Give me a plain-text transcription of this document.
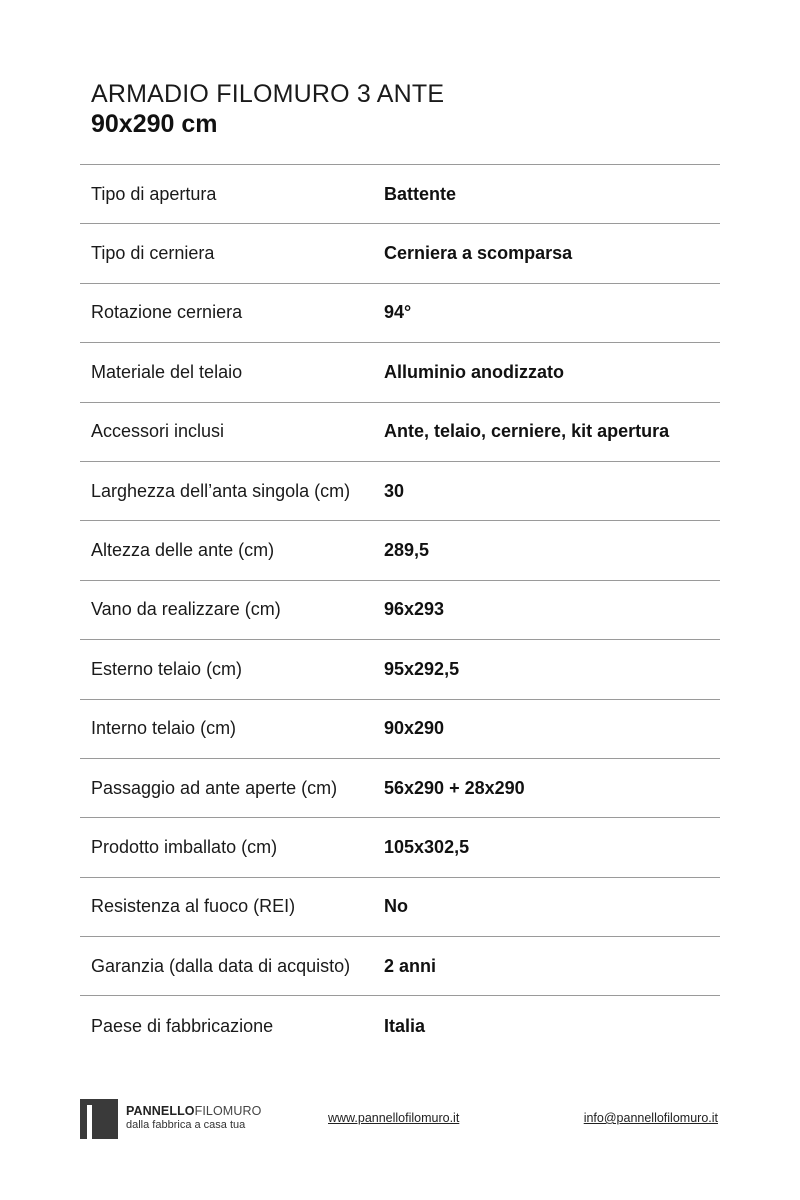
ARMADIO FILOMURO 3 ANTE
90x290 cm
Tipo di apertura	Battente
Tipo di cerniera	Cerniera a scomparsa
Rotazione cerniera	94°
Materiale del telaio	Alluminio anodizzato
Accessori inclusi	Ante, telaio, cerniere, kit apertura
Larghezza dell’anta singola (cm)	30
Altezza delle ante (cm)	289,5
Vano da realizzare (cm)	96x293
Esterno telaio (cm)	95x292,5
Interno telaio (cm)	90x290
Passaggio ad ante aperte (cm)	56x290 + 28x290
Prodotto imballato (cm)	105x302,5
Resistenza al fuoco (REI)	No
Garanzia (dalla data di acquisto)	2 anni
Paese di fabbricazione	Italia
PANNELLOFILOMURO
dalla fabbrica a casa tua	www.pannellofilomuro.it	info@pannellofilomuro.it
